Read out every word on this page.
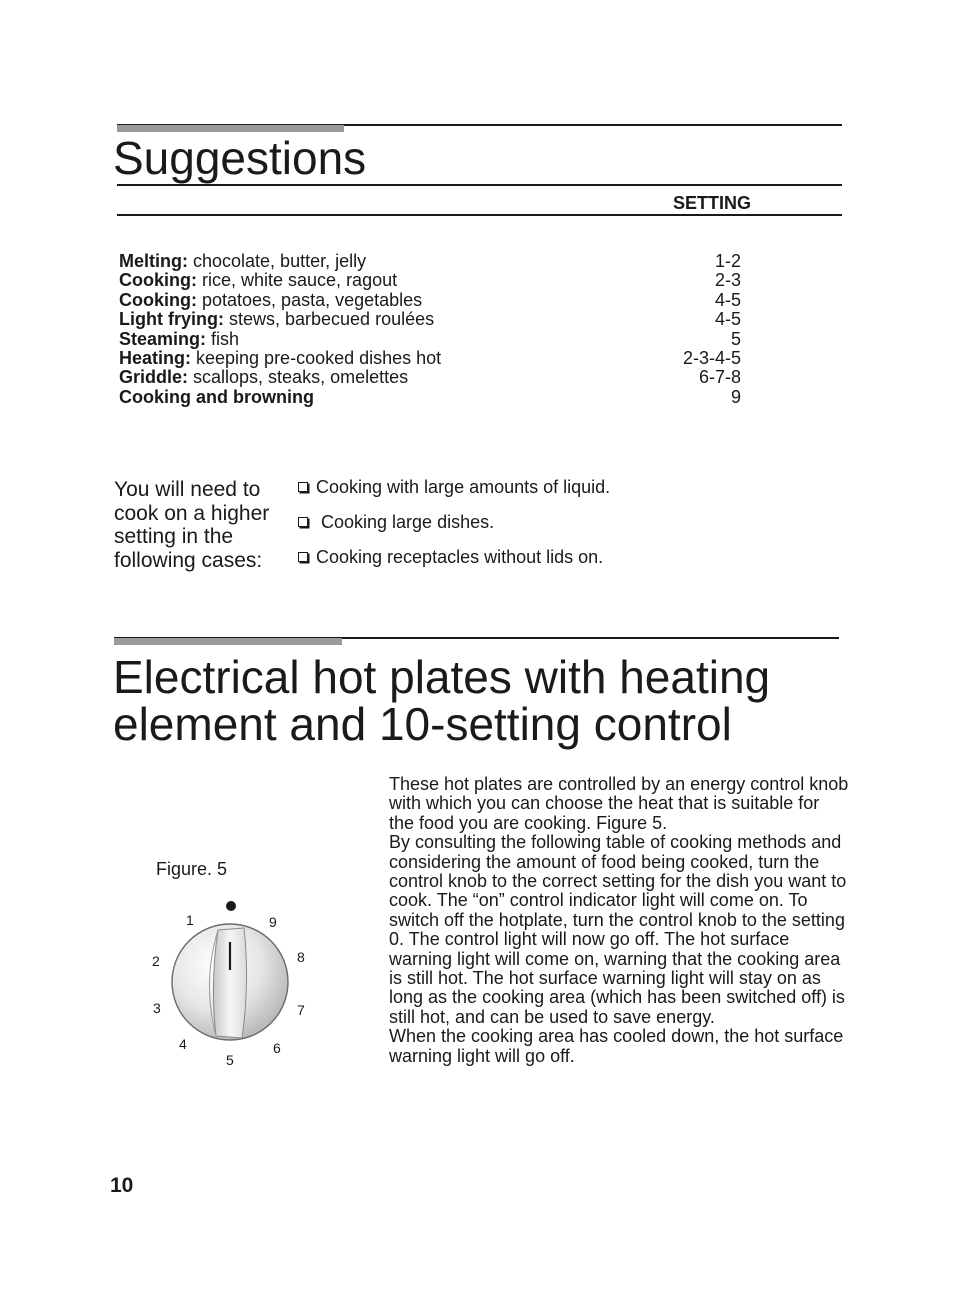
Suggestions
SETTING
Melting: chocolate, butter, jelly	1-2
Cooking: rice, white sauce, ragout	2-3
Cooking: potatoes, pasta, vegetables	4-5
Light frying: stews, barbecued roulées	4-5
Steaming: fish	5
Heating: keeping pre-cooked dishes hot	2-3-4-5
Griddle: scallops, steaks, omelettes	6-7-8
Cooking and browning	9
You will need to cook on a higher setting in the following cases:
Cooking with large amounts of liquid.
Cooking large dishes.
Cooking receptacles without lids on.
Electrical hot plates with heating element and 10-setting control
Figure. 5
1
2
3
4
5
6
7
8
9

These hot plates are controlled by an energy control knob with which you can choose the heat that is suitable for the food you are cooking. Figure 5.

By consulting the following table of cooking methods and considering the amount of food being cooked, turn the control knob to the correct setting for the dish you want to cook. The “on” control indicator light will come on. To switch off the hotplate, turn the control knob to the setting 0. The control light will now go off. The hot surface warning light will come on, warning that the cooking area is still hot. The hot surface warning light will stay on as long as the cooking area (which has been switched off) is still hot, and can be used to save energy.

When the cooking area has cooled down, the hot surface warning light will go off.

10
